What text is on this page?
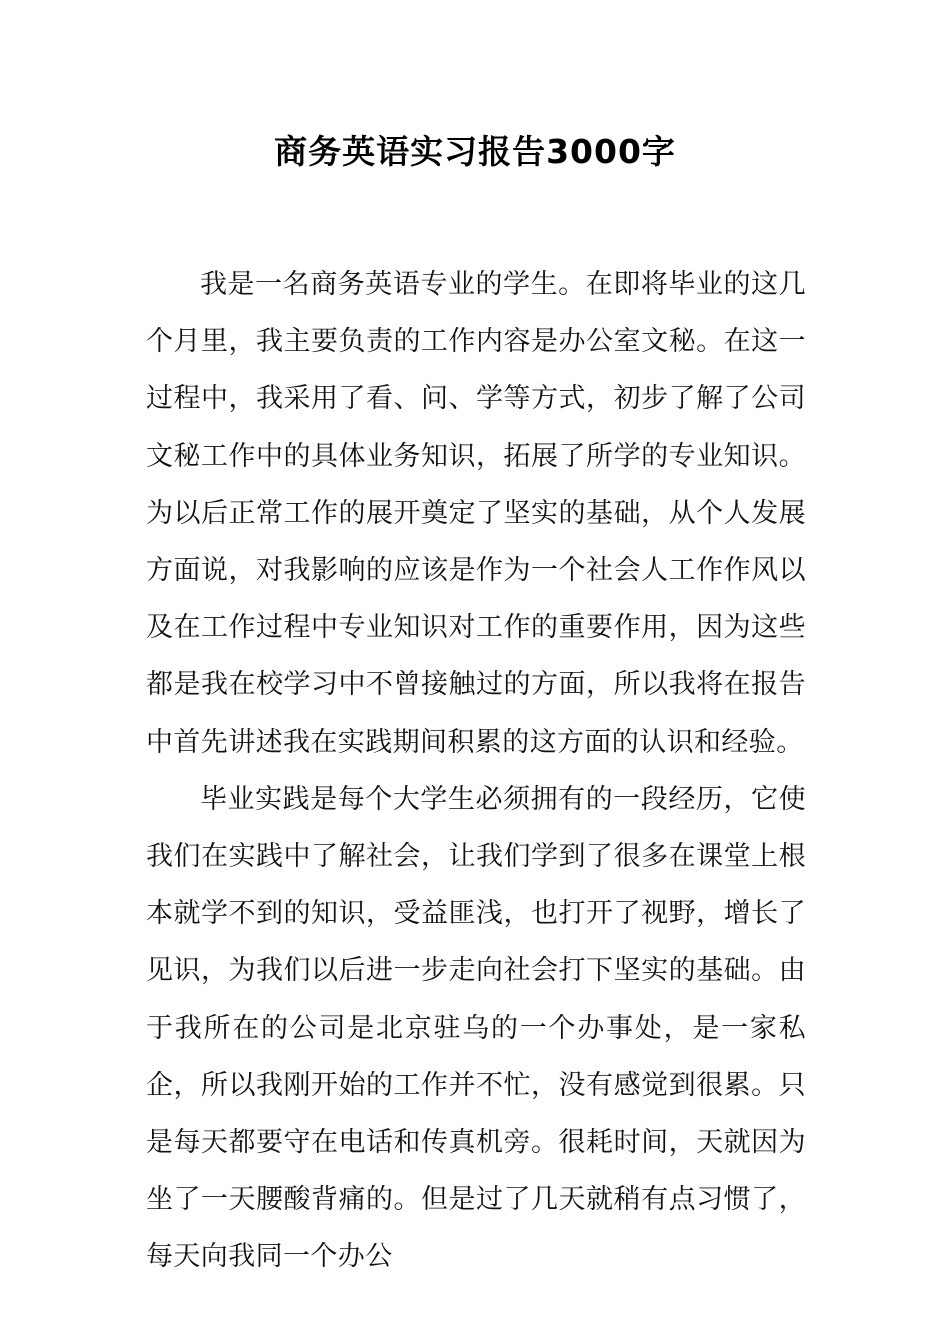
商务英语实习报告3000字

我是一名商务英语专业的学生。在即将毕业的这几个月里，我主要负责的工作内容是办公室文秘。在这一过程中，我采用了看、问、学等方式，初步了解了公司文秘工作中的具体业务知识，拓展了所学的专业知识。为以后正常工作的展开奠定了坚实的基础，从个人发展方面说，对我影响的应该是作为一个社会人工作作风以及在工作过程中专业知识对工作的重要作用，因为这些都是我在校学习中不曾接触过的方面，所以我将在报告中首先讲述我在实践期间积累的这方面的认识和经验。

毕业实践是每个大学生必须拥有的一段经历，它使我们在实践中了解社会，让我们学到了很多在课堂上根本就学不到的知识，受益匪浅，也打开了视野，增长了见识，为我们以后进一步走向社会打下坚实的基础。由于我所在的公司是北京驻乌的一个办事处，是一家私企，所以我刚开始的工作并不忙，没有感觉到很累。只是每天都要守在电话和传真机旁。很耗时间，天就因为坐了一天腰酸背痛的。但是过了几天就稍有点习惯了，每天向我同一个办公
